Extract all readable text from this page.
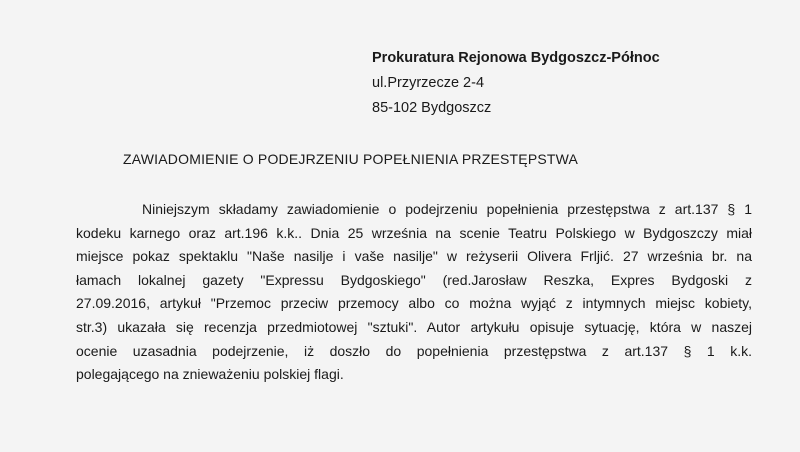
Prokuratura Rejonowa Bydgoszcz-Północ
ul.Przyrzecze 2-4
85-102 Bydgoszcz
ZAWIADOMIENIE O PODEJRZENIU POPEŁNIENIA PRZESTĘPSTWA
Niniejszym składamy zawiadomienie o podejrzeniu popełnienia przestępstwa z art.137 § 1
kodeku karnego oraz art.196 k.k.. Dnia 25 września na scenie Teatru Polskiego w Bydgoszczy miał
miejsce pokaz spektaklu "Naše nasilje i vaše nasilje" w reżyserii Olivera Frljić. 27 września br. na
łamach lokalnej gazety "Expressu Bydgoskiego" (red.Jarosław Reszka, Expres Bydgoski z
27.09.2016, artykuł "Przemoc przeciw przemocy albo co można wyjąć z intymnych miejsc kobiety,
str.3) ukazała się recenzja przedmiotowej "sztuki". Autor artykułu opisuje sytuację, która w naszej
ocenie uzasadnia podejrzenie, iż doszło do popełnienia przestępstwa z art.137 § 1 k.k.
polegającego na znieważeniu polskiej flagi.
